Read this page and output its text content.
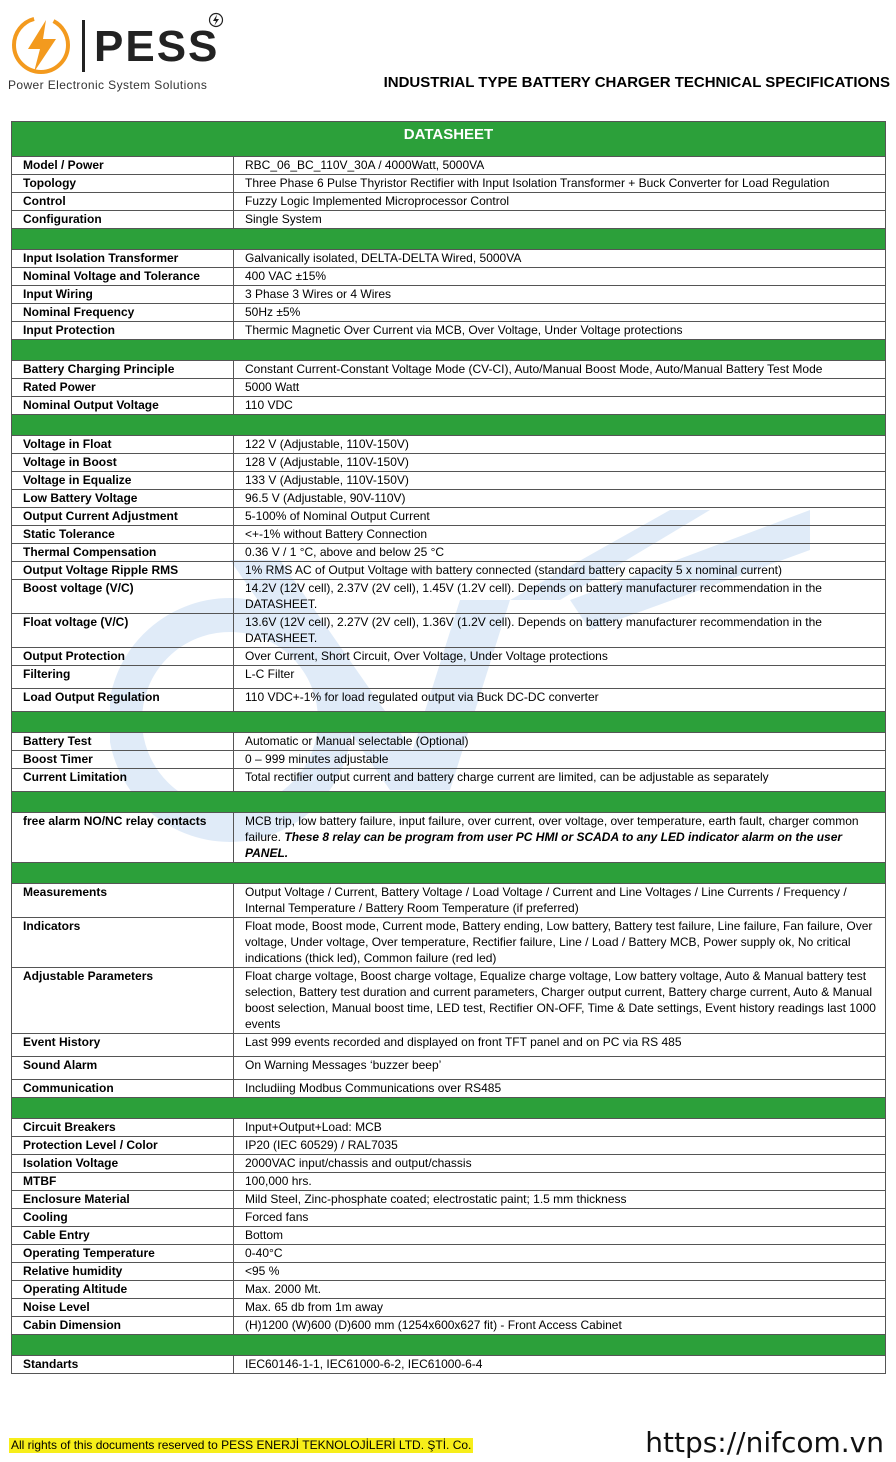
PESS
Power Electronic System Solutions	INDUSTRIAL TYPE BATTERY CHARGER TECHNICAL SPECIFICATIONS
DATASHEET	
Model / Power	RBC_06_BC_110V_30A / 4000Watt, 5000VA
Topology	Three Phase 6 Pulse Thyristor Rectifier with Input Isolation Transformer + Buck Converter for Load Regulation
Control	Fuzzy Logic Implemented Microprocessor Control
Configuration	Single System

Input Isolation Transformer	Galvanically isolated, DELTA-DELTA Wired, 5000VA
Nominal Voltage and Tolerance	400 VAC ±15%
Input Wiring	3 Phase 3 Wires or 4 Wires
Nominal Frequency	50Hz ±5%
Input Protection	Thermic Magnetic Over Current via MCB, Over Voltage, Under Voltage protections

Battery Charging Principle	Constant Current-Constant Voltage Mode (CV-CI), Auto/Manual Boost Mode, Auto/Manual Battery Test Mode
Rated Power	5000 Watt
Nominal Output Voltage	110 VDC

Voltage in Float	122 V (Adjustable, 110V-150V)
Voltage in Boost	128 V (Adjustable, 110V-150V)
Voltage in Equalize	133 V (Adjustable, 110V-150V)
Low Battery Voltage	96.5 V (Adjustable, 90V-110V)
Output Current Adjustment	5-100% of Nominal Output Current
Static Tolerance	<+-1% without Battery Connection
Thermal Compensation	0.36 V / 1 °C, above and below 25 °C
Output Voltage Ripple RMS	1% RMS AC of Output Voltage with battery connected (standard battery capacity 5 x nominal current)
Boost voltage (V/C)	14.2V (12V cell), 2.37V (2V cell), 1.45V (1.2V cell). Depends on battery manufacturer recommendation in the DATASHEET.
Float voltage (V/C)	13.6V (12V cell), 2.27V (2V cell), 1.36V (1.2V cell). Depends on battery manufacturer recommendation in the DATASHEET.
Output Protection	Over Current, Short Circuit, Over Voltage, Under Voltage protections
Filtering	L-C Filter
Load Output Regulation	110 VDC+-1% for load regulated output via Buck DC-DC converter

Battery Test	Automatic or Manual selectable (Optional)
Boost Timer	0 – 999 minutes adjustable
Current Limitation	Total rectifier output current and battery charge current are limited, can be adjustable as separately

free alarm NO/NC relay contacts	MCB trip, low battery failure, input failure, over current, over voltage, over temperature, earth fault, charger common failure. These 8 relay can be program from user PC HMI or SCADA to any LED indicator alarm on the user PANEL.

Measurements	Output Voltage / Current, Battery Voltage / Load Voltage / Current and Line Voltages / Line Currents / Frequency / Internal Temperature / Battery Room Temperature (if preferred)
Indicators	Float mode, Boost mode, Current mode, Battery ending, Low battery, Battery test failure, Line failure, Fan failure, Over voltage, Under voltage, Over temperature, Rectifier failure, Line / Load / Battery MCB, Power supply ok, No critical indications (thick led), Common failure (red led)
Adjustable Parameters	Float charge voltage, Boost charge voltage, Equalize charge voltage, Low battery voltage, Auto & Manual battery test selection, Battery test duration and current parameters, Charger output current, Battery charge current, Auto & Manual boost selection, Manual boost time, LED test, Rectifier ON-OFF, Time & Date settings, Event history readings last 1000 events
Event History	Last 999 events recorded and displayed on front TFT panel and on PC via RS 485
Sound Alarm	On Warning Messages ‘buzzer beep’
Communication	Includiing Modbus Communications over RS485

Circuit Breakers	Input+Output+Load: MCB
Protection Level / Color	IP20 (IEC 60529) / RAL7035
Isolation Voltage	2000VAC input/chassis and output/chassis
MTBF	100,000 hrs.
Enclosure Material	Mild Steel, Zinc-phosphate coated; electrostatic paint; 1.5 mm thickness
Cooling	Forced fans
Cable Entry	Bottom
Operating Temperature	0-40°C
Relative humidity	<95 %
Operating Altitude	Max. 2000 Mt.
Noise Level	Max. 65 db from 1m away
Cabin Dimension	(H)1200 (W)600 (D)600 mm (1254x600x627 fit) - Front Access Cabinet

Standarts	IEC60146-1-1, IEC61000-6-2, IEC61000-6-4
All rights of this documents reserved to PESS ENERJİ TEKNOLOJİLERİ LTD. ŞTİ. Co.	https://nifcom.vn
